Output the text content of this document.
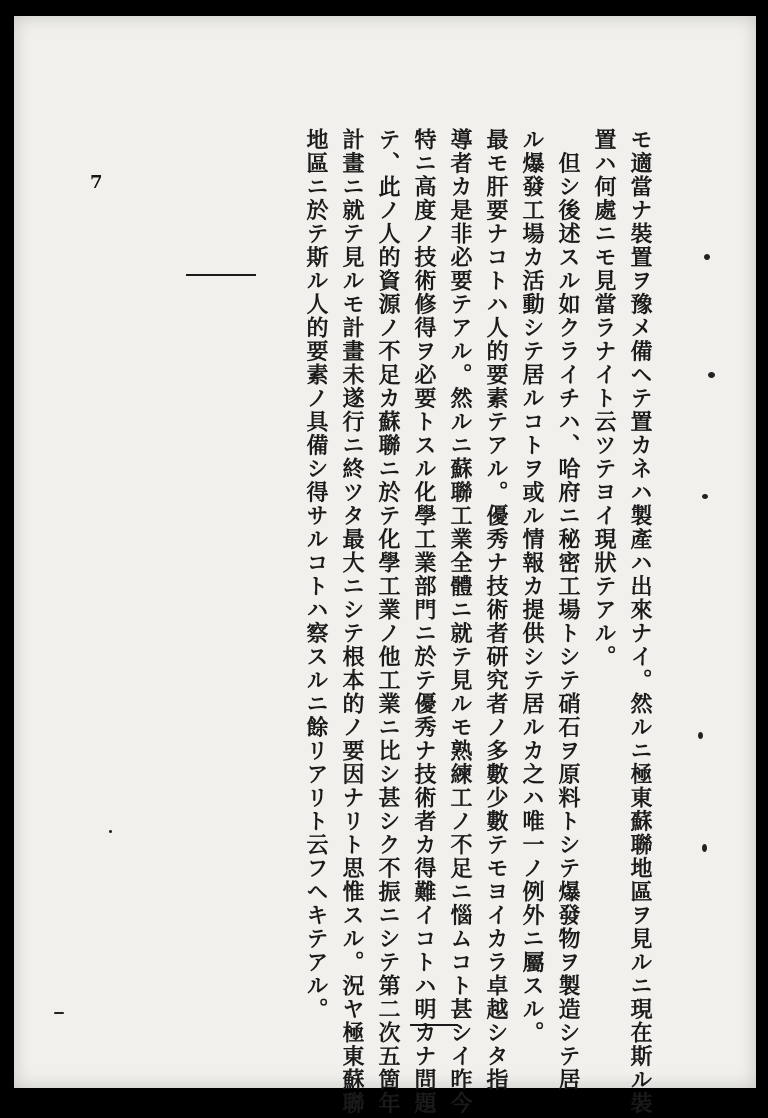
7	モ適當ナ裝置ヲ豫メ備ヘテ置カネハ製產ハ出來ナイ。然ルニ極東蘇聯地區ヲ見ルニ現在斯ル裝
置ハ何處ニモ見當ラナイト云ツテヨイ現狀テアル。
　但シ後述スル如クライチハ、哈府ニ秘密工場トシテ硝石ヲ原料トシテ爆發物ヲ製造シテ居
ル爆發工場カ活動シテ居ルコトヲ或ル情報カ提供シテ居ルカ之ハ唯一ノ例外ニ屬スル。
最モ肝要ナコトハ人的要素テアル。優秀ナ技術者研究者ノ多數少數テモヨイカラ卓越シタ指
導者カ是非必要テアル。然ルニ蘇聯工業全體ニ就テ見ルモ熟練工ノ不足ニ惱ムコト甚シイ昨今
特ニ高度ノ技術修得ヲ必要トスル化學工業部門ニ於テ優秀ナ技術者カ得難イコトハ明カナ問題
テ、此ノ人的資源ノ不足カ蘇聯ニ於テ化學工業ノ他工業ニ比シ甚シク不振ニシテ第二次五箇年
計畫ニ就テ見ルモ計畫未遂行ニ終ツタ最大ニシテ根本的ノ要因ナリト思惟スル。況ヤ極東蘇聯
地區ニ於テ斯ル人的要素ノ具備シ得サルコトハ察スルニ餘リアリト云フヘキテアル。
